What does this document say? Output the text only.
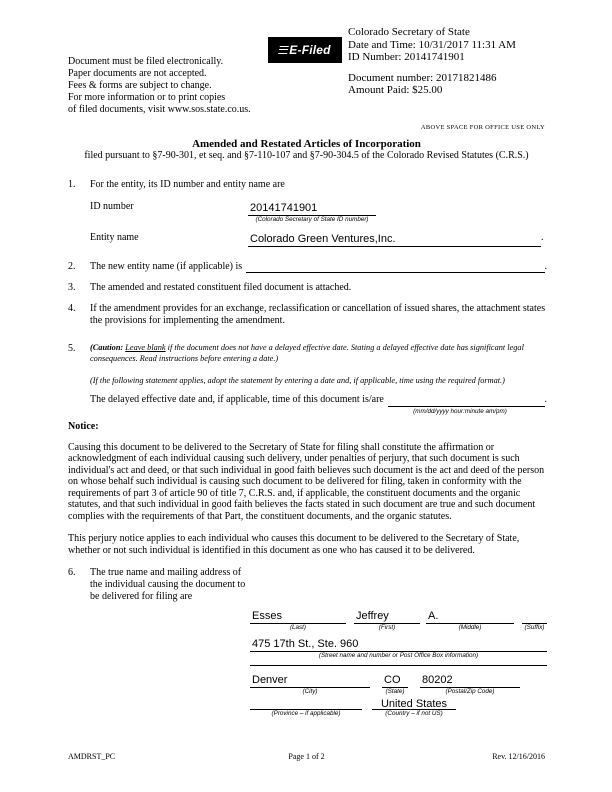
Document must be filed electronically.
Paper documents are not accepted.
Fees & forms are subject to change.
For more information or to print copies
of filed documents, visit www.sos.state.co.us.
E-Filed
Colorado Secretary of State
Date and Time: 10/31/2017 11:31 AM
ID Number: 20141741901
Document number: 20171821486
Amount Paid: $25.00
ABOVE SPACE FOR OFFICE USE ONLY
Amended and Restated Articles of Incorporation
filed pursuant to §7-90-301, et seq. and §7-110-107 and §7-90-304.5 of the Colorado Revised Statutes (C.R.S.)
1.	For the entity, its ID number and entity name are
ID number	20141741901
(Colorado Secretary of State ID number)
Entity name	Colorado Green Ventures,Inc.	.
2.	The new entity name (if applicable) is	.
3.	The amended and restated constituent filed document is attached.
4.	If the amendment provides for an exchange, reclassification or cancellation of issued shares, the attachment states the provisions for implementing the amendment.
5.	(Caution: Leave blank if the document does not have a delayed effective date. Stating a delayed effective date has significant legal consequences. Read instructions before entering a date.)
(If the following statement applies, adopt the statement by entering a date and, if applicable, time using the required format.)
The delayed effective date and, if applicable, time of this document is/are	.
(mm/dd/yyyy hour:minute am/pm)
Notice:
Causing this document to be delivered to the Secretary of State for filing shall constitute the affirmation or acknowledgment of each individual causing such delivery, under penalties of perjury, that such document is such individual's act and deed, or that such individual in good faith believes such document is the act and deed of the person on whose behalf such individual is causing such document to be delivered for filing, taken in conformity with the requirements of part 3 of article 90 of title 7, C.R.S. and, if applicable, the constituent documents and the organic statutes, and that such individual in good faith believes the facts stated in such document are true and such document complies with the requirements of that Part, the constituent documents, and the organic statutes.
This perjury notice applies to each individual who causes this document to be delivered to the Secretary of State, whether or not such individual is identified in this document as one who has caused it to be delivered.
6.	The true name and mailing address of the individual causing the document to be delivered for filing are
Esses	Jeffrey	A.
(Last)	(First)	(Middle)	(Suffix)
475 17th St., Ste. 960
(Street name and number or Post Office Box information)
Denver	CO	80202
(City)	(State)	(Postal/Zip Code)
United States
(Province – if applicable)	(Country – if not US)
AMDRST_PC	Page 1 of 2	Rev. 12/16/2016
